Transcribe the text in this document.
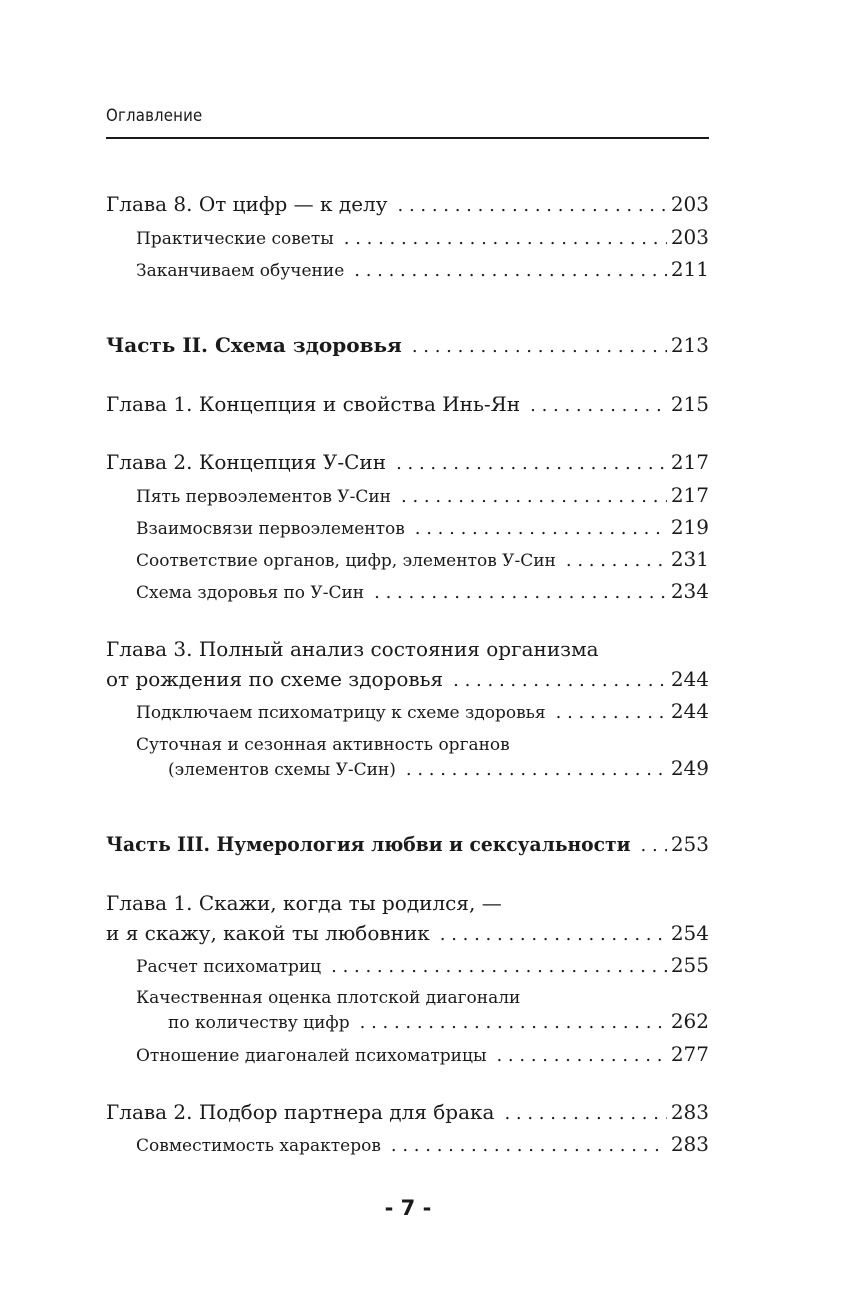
Оглавление
Глава 8. От цифр — к делу . . .	203
Практические советы . . .	203
Заканчиваем обучение . . .	211
Часть II. Схема здоровья . . .	213
Глава 1. Концепция и свойства Инь-Ян . . .	215
Глава 2. Концепция У-Син . . .	217
Пять первоэлементов У-Син . . .	217
Взаимосвязи первоэлементов . . .	219
Соответствие органов, цифр, элементов У-Син . . .	231
Схема здоровья по У-Син . . .	234
Глава 3. Полный анализ состояния организма
от рождения по схеме здоровья . . .	244
Подключаем психоматрицу к схеме здоровья . . .	244
Суточная и сезонная активность органов
(элементов схемы У-Син) . . .	249
Часть III. Нумерология любви и сексуальности . . . 253
Глава 1. Скажи, когда ты родился, —
и я скажу, какой ты любовник . . .	254
Расчет психоматриц . . .	255
Качественная оценка плотской диагонали
по количеству цифр . . .	262
Отношение диагоналей психоматрицы . . .	277
Глава 2. Подбор партнера для брака . . .	283
Совместимость характеров . . .	283
- 7 -
